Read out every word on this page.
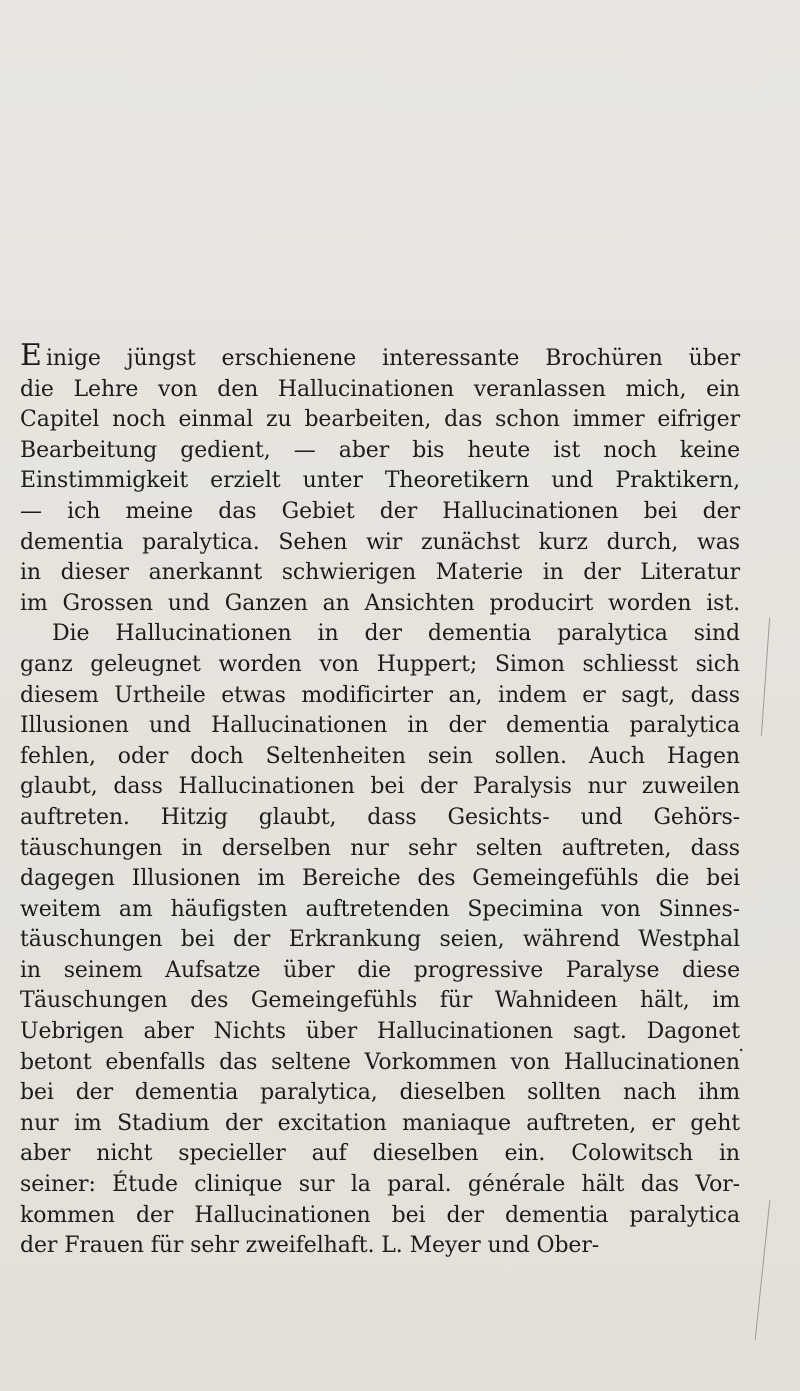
E inige jüngst erschienene interessante Brochüren über
die Lehre von den Hallucinationen veranlassen mich, ein
Capitel noch einmal zu bearbeiten, das schon immer eifriger
Bearbeitung gedient, — aber bis heute ist noch keine
Einstimmigkeit erzielt unter Theoretikern und Praktikern,
— ich meine das Gebiet der Hallucinationen bei der
dementia paralytica. Sehen wir zunächst kurz durch, was
in dieser anerkannt schwierigen Materie in der Literatur
im Grossen und Ganzen an Ansichten producirt worden ist.
Die Hallucinationen in der dementia paralytica sind
ganz geleugnet worden von Huppert; Simon schliesst sich
diesem Urtheile etwas modificirter an, indem er sagt, dass
Illusionen und Hallucinationen in der dementia paralytica
fehlen, oder doch Seltenheiten sein sollen. Auch Hagen
glaubt, dass Hallucinationen bei der Paralysis nur zuweilen
auftreten. Hitzig glaubt, dass Gesichts- und Gehörs-
täuschungen in derselben nur sehr selten auftreten, dass
dagegen Illusionen im Bereiche des Gemeingefühls die bei
weitem am häufigsten auftretenden Specimina von Sinnes-
täuschungen bei der Erkrankung seien, während Westphal
in seinem Aufsatze über die progressive Paralyse diese
Täuschungen des Gemeingefühls für Wahnideen hält, im
Uebrigen aber Nichts über Hallucinationen sagt. Dagonet
betont ebenfalls das seltene Vorkommen von Hallucinationen
bei der dementia paralytica, dieselben sollten nach ihm
nur im Stadium der excitation maniaque auftreten, er geht
aber nicht specieller auf dieselben ein. Colowitsch in
seiner: Étude clinique sur la paral. générale hält das Vor-
kommen der Hallucinationen bei der dementia paralytica
der Frauen für sehr zweifelhaft. L. Meyer und Ober-
.
